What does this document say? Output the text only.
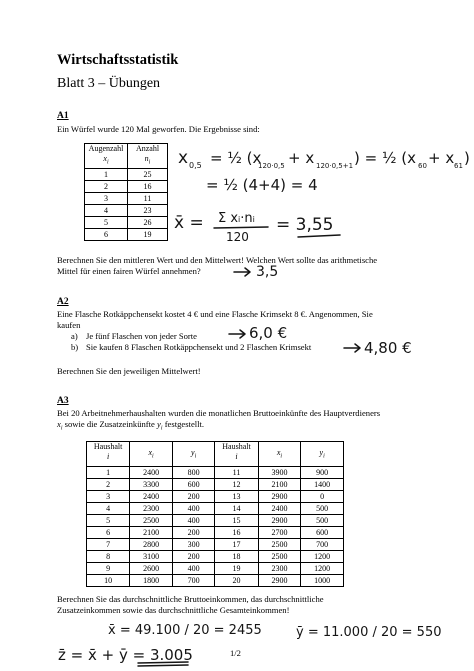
Wirtschaftsstatistik
Blatt 3 – Übungen
A1
Ein Würfel wurde 120 Mal geworfen. Die Ergebnisse sind:
Augenzahl
$x_i$	Anzahl
$n_i$
1	25
2	16
3	11
4	23
5	26
6	19
x 0,5 = ½ (x
120·0,5 + x 120·0,5+1 ) = ½ (x 60 + x 61 )
= ½ (4+4) = 4
x̄ = Σ xi·ni
120
= 3,55
Berechnen Sie den mittleren Wert und den Mittelwert! Welchen Wert sollte das arithmetische
Mittel für einen fairen Würfel annehmen?	3,5
A2
Eine Flasche Rotkäppchensekt kostet 4 € und eine Flasche Krimsekt 8 €. Angenommen, Sie
kaufen
a) Je fünf Flaschen von jeder Sorte
b) Sie kaufen 8 Flaschen Rotkäppchensekt und 2 Flaschen Krimsekt
6,0 €
4,80 €
Berechnen Sie den jeweiligen Mittelwert!
A3
Bei 20 Arbeitnehmerhaushalten wurden die monatlichen Bruttoeinkünfte des Hauptverdieners
$x_i$ sowie die Zusatzeinkünfte $y_i$ festgestellt.
Haushalt
i	$x_i$	$y_i$	Haushalt
i	$x_i$	$y_i$
1	2400	800	11	3900	900
2	3300	600	12	2100	1400
3	2400	200	13	2900	0
4	2300	400	14	2400	500
5	2500	400	15	2900	500
6	2100	200	16	2700	600
7	2800	300	17	2500	700
8	3100	200	18	2500	1200
9	2600	400	19	2300	1200
10	1800	700	20	2900	1000
Berechnen Sie das durchschnittliche Bruttoeinkommen, das durchschnittliche
Zusatzeinkommen sowie das durchschnittliche Gesamteinkommen!
x̄ = 49.100 / 20 = 2455	ȳ = 11.000 / 20 = 550
z̄ = x̄ + ȳ = 3.005	1/2
